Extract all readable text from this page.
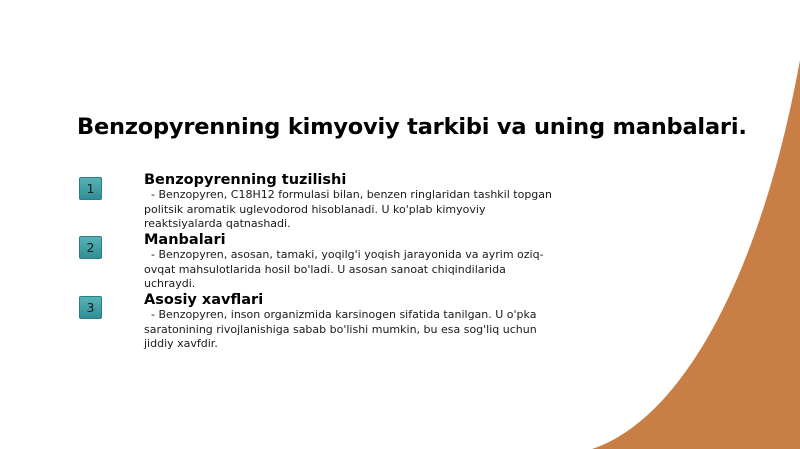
Benzopyrenning kimyoviy tarkibi va uning manbalari.
1
Benzopyrenning tuzilishi

- Benzopyren, C18H12 formulasi bilan, benzen ringlaridan tashkil topgan politsik aromatik uglevodorod hisoblanadi. U ko'plab kimyoviy reaktsiyalarda qatnashadi.

2	Manbalari

- Benzopyren, asosan, tamaki, yoqilg'i yoqish jarayonida va ayrim oziq-ovqat mahsulotlarida hosil bo'ladi. U asosan sanoat chiqindilarida uchraydi.

3	Asosiy xavflari

- Benzopyren, inson organizmida karsinogen sifatida tanilgan. U o'pka saratonining rivojlanishiga sabab bo'lishi mumkin, bu esa sog'liq uchun jiddiy xavfdir.
